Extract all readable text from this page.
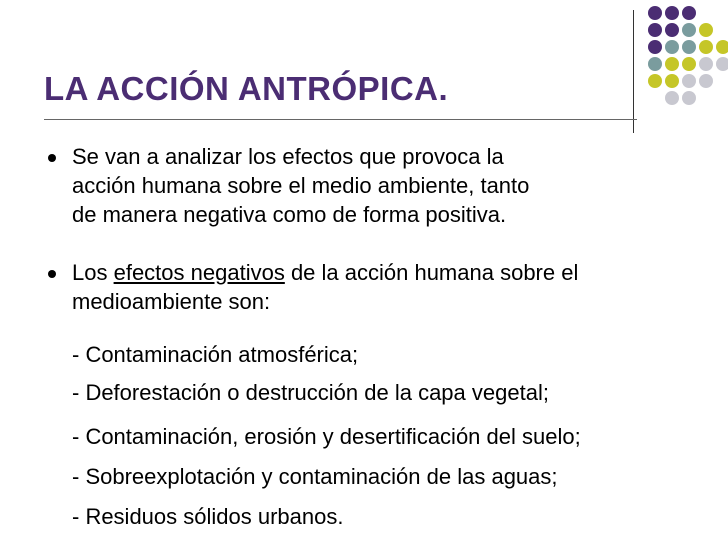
LA ACCIÓN ANTRÓPICA.
Se van a analizar los efectos que provoca la
acción humana sobre el medio ambiente, tanto
de manera negativa como de forma positiva.
Los efectos negativos de la acción humana sobre el
medioambiente son:
- Contaminación atmosférica;
- Deforestación o destrucción de la capa vegetal;
- Contaminación, erosión y desertificación del suelo;
- Sobreexplotación y contaminación de las aguas;
- Residuos sólidos urbanos.
